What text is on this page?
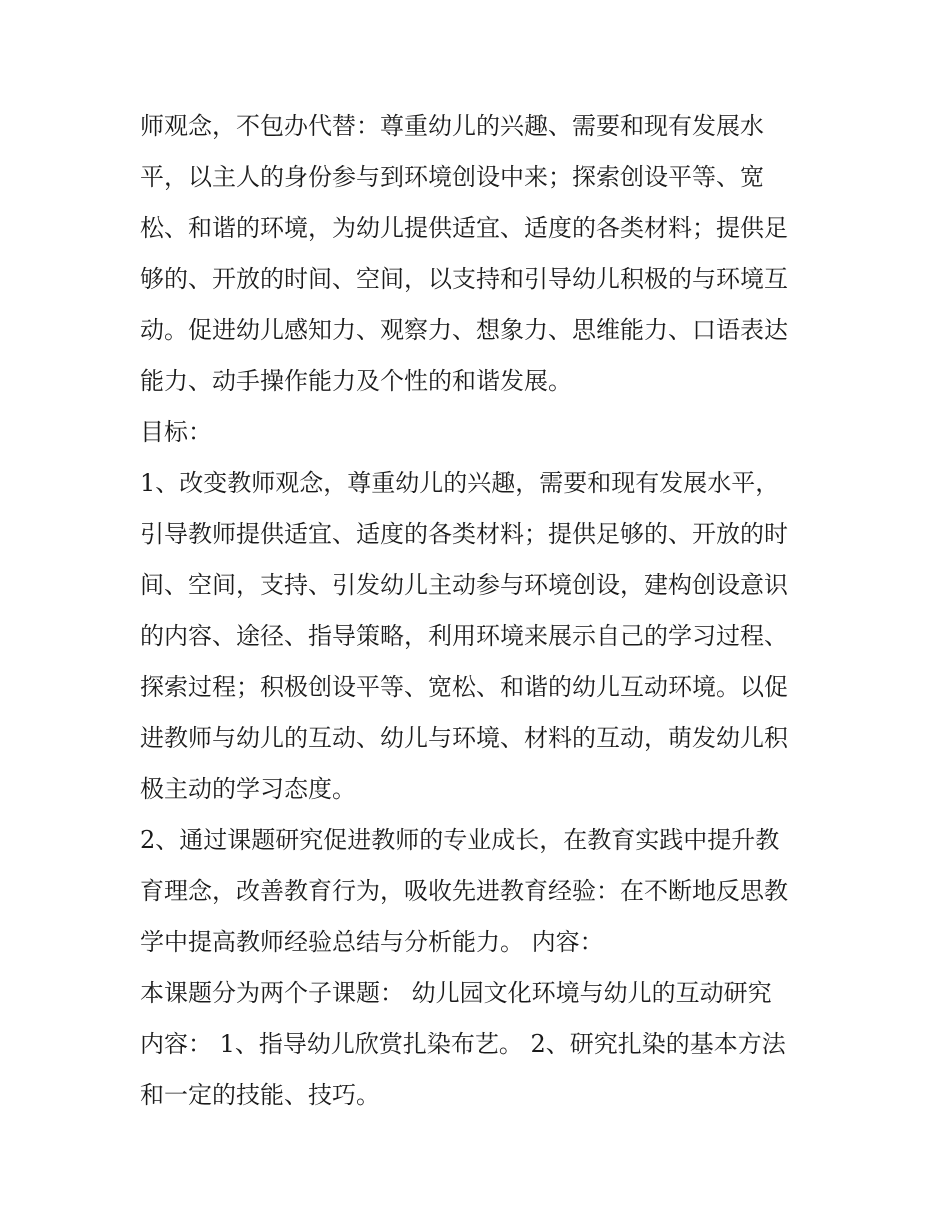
师观念，不包办代替：尊重幼儿的兴趣、需要和现有发展水
平，以主人的身份参与到环境创设中来；探索创设平等、宽
松、和谐的环境，为幼儿提供适宜、适度的各类材料；提供足
够的、开放的时间、空间，以支持和引导幼儿积极的与环境互
动。促进幼儿感知力、观察力、想象力、思维能力、口语表达
能力、动手操作能力及个性的和谐发展。
目标：
1、改变教师观念，尊重幼儿的兴趣，需要和现有发展水平，
引导教师提供适宜、适度的各类材料；提供足够的、开放的时
间、空间，支持、引发幼儿主动参与环境创设，建构创设意识
的内容、途径、指导策略，利用环境来展示自己的学习过程、
探索过程；积极创设平等、宽松、和谐的幼儿互动环境。以促
进教师与幼儿的互动、幼儿与环境、材料的互动，萌发幼儿积
极主动的学习态度。
2、通过课题研究促进教师的专业成长，在教育实践中提升教
育理念，改善教育行为，吸收先进教育经验：在不断地反思教
学中提高教师经验总结与分析能力。 内容：
本课题分为两个子课题： 幼儿园文化环境与幼儿的互动研究
内容： 1、指导幼儿欣赏扎染布艺。 2、研究扎染的基本方法
和一定的技能、技巧。
